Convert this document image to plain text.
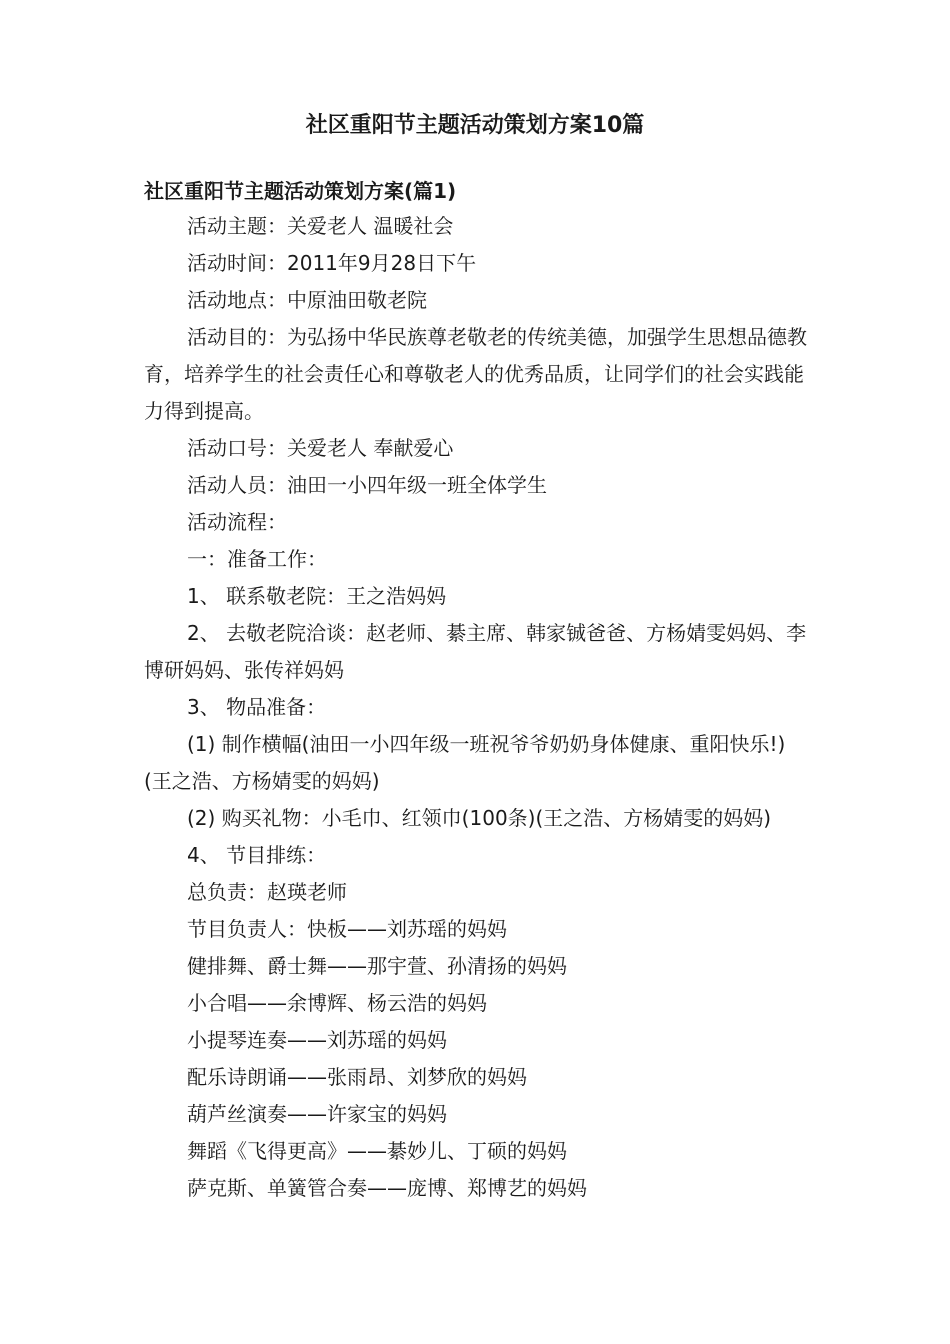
社区重阳节主题活动策划方案10篇
社区重阳节主题活动策划方案(篇1)

活动主题：关爱老人 温暖社会

活动时间：2011年9月28日下午

活动地点：中原油田敬老院

活动目的：为弘扬中华民族尊老敬老的传统美德，加强学生思想品德教育，培养学生的社会责任心和尊敬老人的优秀品质，让同学们的社会实践能力得到提高。

活动口号：关爱老人 奉献爱心

活动人员：油田一小四年级一班全体学生

活动流程：

一：准备工作：

1、 联系敬老院：王之浩妈妈

2、 去敬老院洽谈：赵老师、綦主席、韩家铖爸爸、方杨婧雯妈妈、李博研妈妈、张传祥妈妈

3、 物品准备：

(1) 制作横幅(油田一小四年级一班祝爷爷奶奶身体健康、重阳快乐!)(王之浩、方杨婧雯的妈妈)

(2) 购买礼物：小毛巾、红领巾(100条)(王之浩、方杨婧雯的妈妈)

4、 节目排练：

总负责：赵瑛老师

节目负责人：快板——刘苏瑶的妈妈

健排舞、爵士舞——那宇萱、孙清扬的妈妈

小合唱——余博辉、杨云浩的妈妈

小提琴连奏——刘苏瑶的妈妈

配乐诗朗诵——张雨昂、刘梦欣的妈妈

葫芦丝演奏——许家宝的妈妈

舞蹈《飞得更高》——綦妙儿、丁硕的妈妈

萨克斯、单簧管合奏——庞博、郑博艺的妈妈
